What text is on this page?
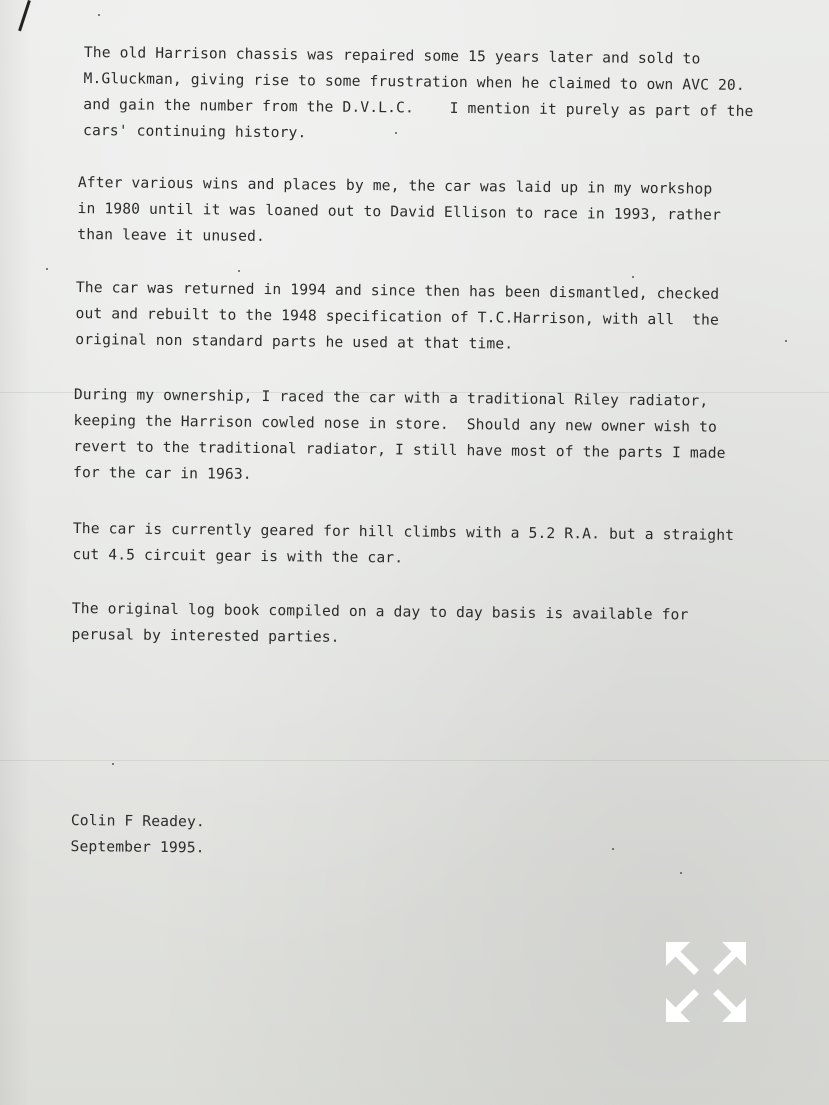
The old Harrison chassis was repaired some 15 years later and sold to
M.Gluckman, giving rise to some frustration when he claimed to own AVC 20.
and gain the number from the D.V.L.C.    I mention it purely as part of the
cars' continuing history.

After various wins and places by me, the car was laid up in my workshop
in 1980 until it was loaned out to David Ellison to race in 1993, rather
than leave it unused.

The car was returned in 1994 and since then has been dismantled, checked
out and rebuilt to the 1948 specification of T.C.Harrison, with all  the
original non standard parts he used at that time.

During my ownership, I raced the car with a traditional Riley radiator,
keeping the Harrison cowled nose in store.  Should any new owner wish to
revert to the traditional radiator, I still have most of the parts I made
for the car in 1963.

The car is currently geared for hill climbs with a 5.2 R.A. but a straight
cut 4.5 circuit gear is with the car.

The original log book compiled on a day to day basis is available for
perusal by interested parties.

Colin F Readey.
September 1995.
